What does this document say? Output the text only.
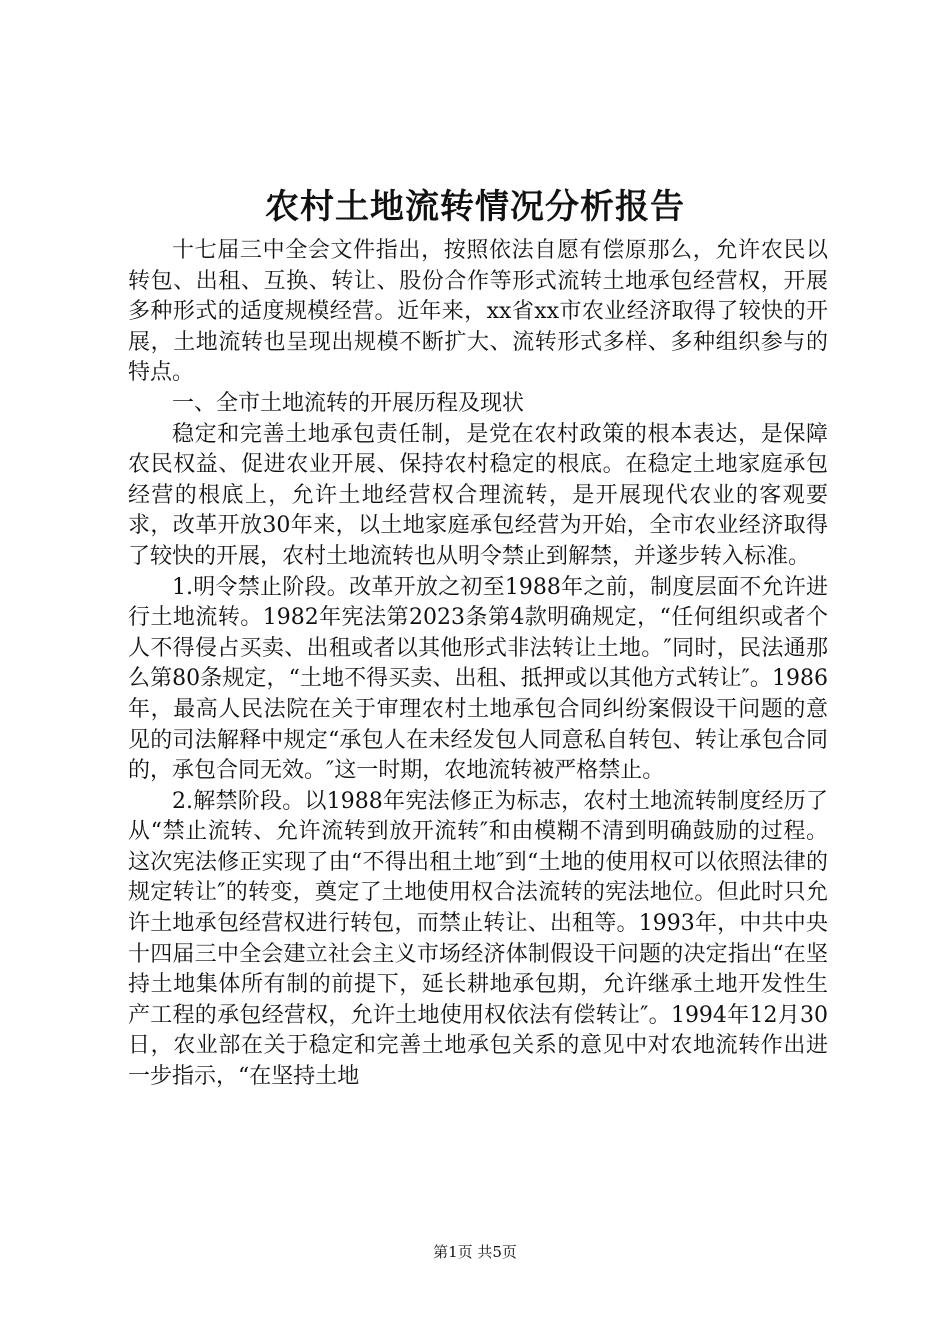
农村土地流转情况分析报告

十七届三中全会文件指出，按照依法自愿有偿原那么，允许农民以转包、出租、互换、转让、股份合作等形式流转土地承包经营权，开展多种形式的适度规模经营。近年来，xx省xx市农业经济取得了较快的开展，土地流转也呈现出规模不断扩大、流转形式多样、多种组织参与的特点。

一、全市土地流转的开展历程及现状

稳定和完善土地承包责任制，是党在农村政策的根本表达，是保障农民权益、促进农业开展、保持农村稳定的根底。在稳定土地家庭承包经营的根底上，允许土地经营权合理流转，是开展现代农业的客观要求，改革开放30年来，以土地家庭承包经营为开始，全市农业经济取得了较快的开展，农村土地流转也从明令禁止到解禁，并遂步转入标准。

1.明令禁止阶段。改革开放之初至1988年之前，制度层面不允许进行土地流转。1982年宪法第2023条第4款明确规定，“任何组织或者个人不得侵占买卖、出租或者以其他形式非法转让土地。″同时，民法通那么第80条规定，“土地不得买卖、出租、抵押或以其他方式转让″。1986年，最高人民法院在关于审理农村土地承包合同纠纷案假设干问题的意见的司法解释中规定“承包人在未经发包人同意私自转包、转让承包合同的，承包合同无效。″这一时期，农地流转被严格禁止。

2.解禁阶段。以1988年宪法修正为标志，农村土地流转制度经历了从“禁止流转、允许流转到放开流转″和由模糊不清到明确鼓励的过程。这次宪法修正实现了由“不得出租土地″到“土地的使用权可以依照法律的规定转让″的转变，奠定了土地使用权合法流转的宪法地位。但此时只允许土地承包经营权进行转包，而禁止转让、出租等。1993年，中共中央十四届三中全会建立社会主义市场经济体制假设干问题的决定指出“在坚持土地集体所有制的前提下，延长耕地承包期，允许继承土地开发性生产工程的承包经营权，允许土地使用权依法有偿转让″。1994年12月30日，农业部在关于稳定和完善土地承包关系的意见中对农地流转作出进一步指示，“在坚持土地

第1页 共5页
